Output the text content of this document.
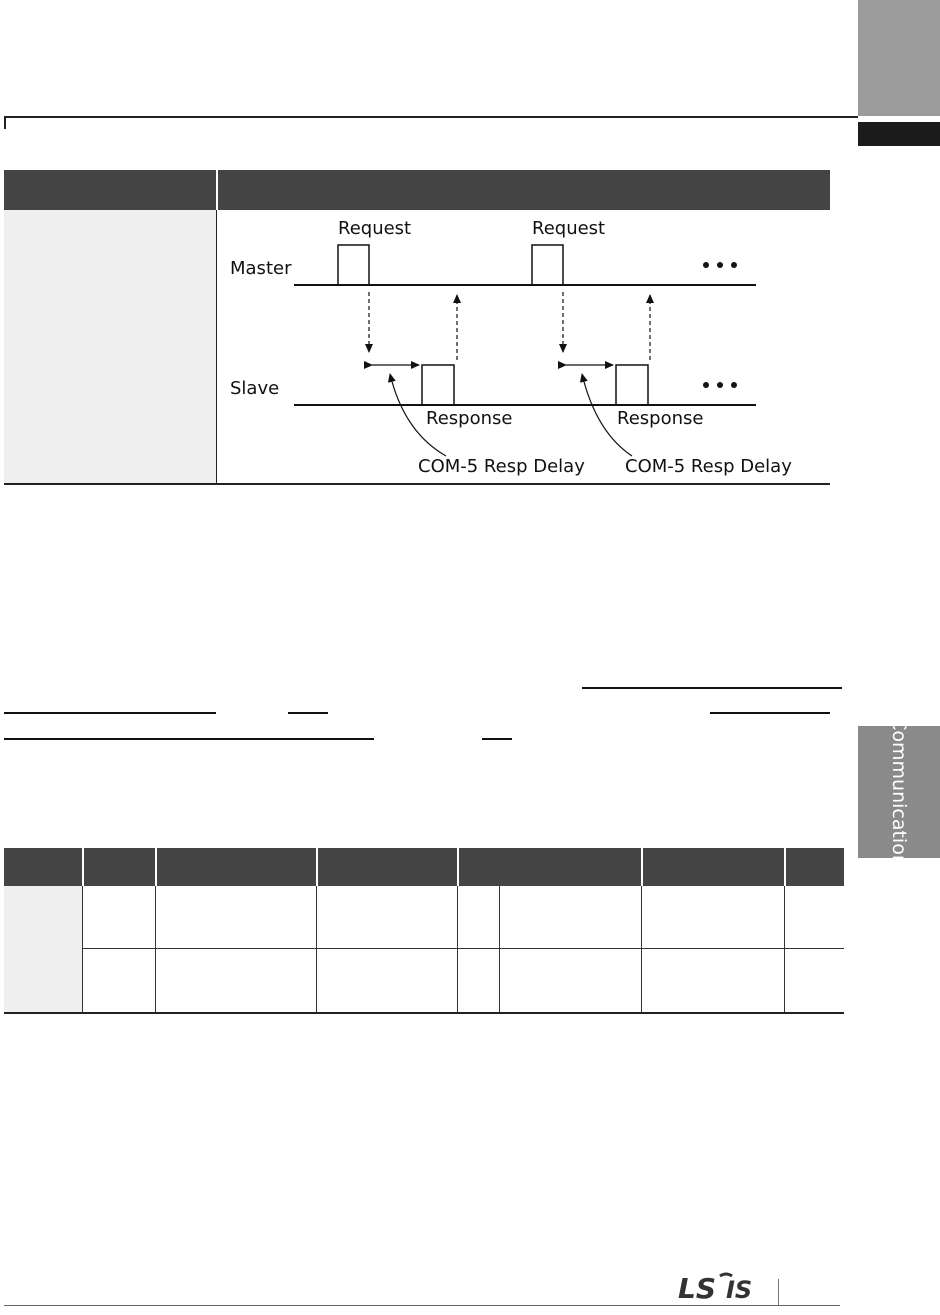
Master
Slave
Request	Request
Response	Response
COM-5 Resp Delay COM-5 Resp Delay
Communication
LS IS
